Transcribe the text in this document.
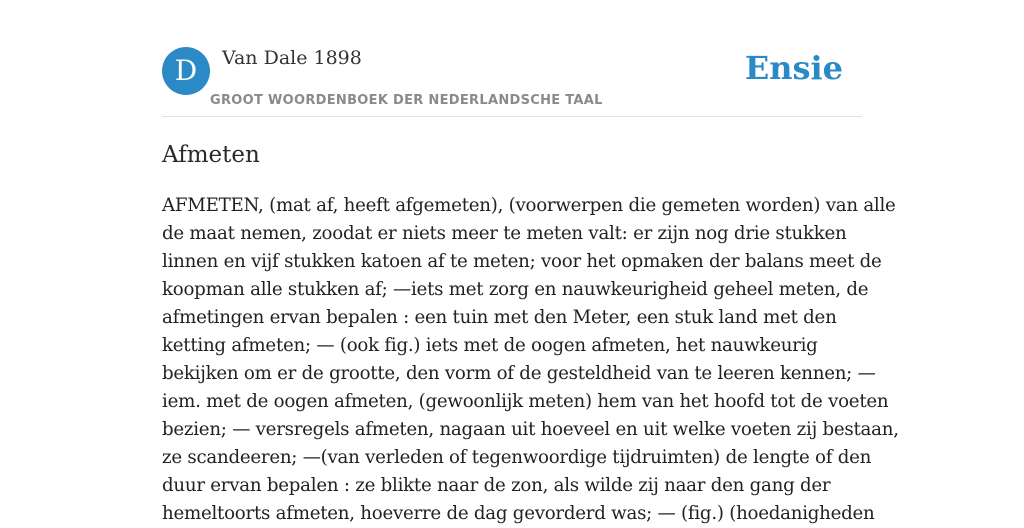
D	Van Dale 1898
GROOT WOORDENBOEK DER NEDERLANDSCHE TAAL
Ensie
Afmeten

AFMETEN, (mat af, heeft afgemeten), (voorwerpen die gemeten worden) van alle
de maat nemen, zoodat er niets meer te meten valt: er zijn nog drie stukken
linnen en vijf stukken katoen af te meten; voor het opmaken der balans meet de
koopman alle stukken af; —iets met zorg en nauwkeurigheid geheel meten, de
afmetingen ervan bepalen : een tuin met den Meter, een stuk land met den
ketting afmeten; — (ook fig.) iets met de oogen afmeten, het nauwkeurig
bekijken om er de grootte, den vorm of de gesteldheid van te leeren kennen; —
iem. met de oogen afmeten, (gewoonlijk meten) hem van het hoofd tot de voeten
bezien; — versregels afmeten, nagaan uit hoeveel en uit welke voeten zij bestaan,
ze scandeeren; —(van verleden of tegenwoordige tijdruimten) de lengte of den
duur ervan bepalen : ze blikte naar de zon, als wilde zij naar den gang der
hemeltoorts afmeten, hoeverre de dag gevorderd was; — (fig.) (hoedanigheden
